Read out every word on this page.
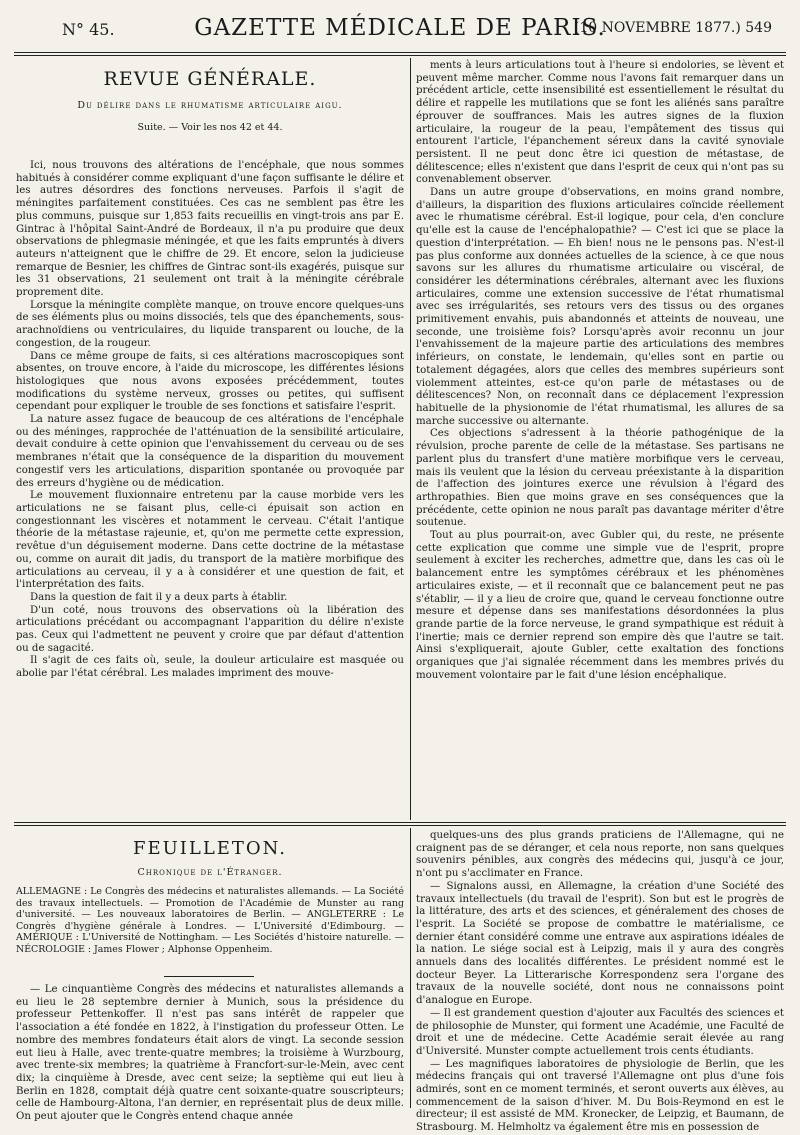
N° 45.	GAZETTE MÉDICALE DE PARIS.
(10 NOVEMBRE 1877.) 549
REVUE GÉNÉRALE.
Du délire dans le rhumatisme articulaire aigu.
Suite. — Voir les nos 42 et 44.

Ici, nous trouvons des altérations de l'encéphale, que nous sommes habitués à considérer comme expliquant d'une façon suffisante le délire et les autres désordres des fonctions nerveuses. Parfois il s'agit de méningites parfaitement constituées. Ces cas ne semblent pas être les plus communs, puisque sur 1,853 faits recueillis en vingt-trois ans par E. Gintrac à l'hôpital Saint-André de Bordeaux, il n'a pu produire que deux observations de phlegmasie méningée, et que les faits empruntés à divers auteurs n'atteignent que le chiffre de 29. Et encore, selon la judicieuse remarque de Besnier, les chiffres de Gintrac sont-ils exagérés, puisque sur les 31 observations, 21 seulement ont trait à la méningite cérébrale proprement dite.

Lorsque la méningite complète manque, on trouve encore quelques-uns de ses éléments plus ou moins dissociés, tels que des épanchements, sous-arachnoïdiens ou ventriculaires, du liquide transparent ou louche, de la congestion, de la rougeur.

Dans ce même groupe de faits, si ces altérations macroscopiques sont absentes, on trouve encore, à l'aide du microscope, les différentes lésions histologiques que nous avons exposées précédemment, toutes modifications du système nerveux, grosses ou petites, qui suffisent cependant pour expliquer le trouble de ses fonctions et satisfaire l'esprit.

La nature assez fugace de beaucoup de ces altérations de l'encéphale ou des méninges, rapprochée de l'atténuation de la sensibilité articulaire, devait conduire à cette opinion que l'envahissement du cerveau ou de ses membranes n'était que la conséquence de la disparition du mouvement congestif vers les articulations, disparition spontanée ou provoquée par des erreurs d'hygiène ou de médication.

Le mouvement fluxionnaire entretenu par la cause morbide vers les articulations ne se faisant plus, celle-ci épuisait son action en congestionnant les viscères et notamment le cerveau. C'était l'antique théorie de la métastase rajeunie, et, qu'on me permette cette expression, revêtue d'un déguisement moderne. Dans cette doctrine de la métastase ou, comme on aurait dit jadis, du transport de la matière morbifique des articulations au cerveau, il y a à considérer et une question de fait, et l'interprétation des faits.

Dans la question de fait il y a deux parts à établir.

D'un coté, nous trouvons des observations où la libération des articulations précédant ou accompagnant l'apparition du délire n'existe pas. Ceux qui l'admettent ne peuvent y croire que par défaut d'attention ou de sagacité.

Il s'agit de ces faits où, seule, la douleur articulaire est masquée ou abolie par l'état cérébral. Les malades impriment des mouve-

ments à leurs articulations tout à l'heure si endolories, se lèvent et peuvent même marcher. Comme nous l'avons fait remarquer dans un précédent article, cette insensibilité est essentiellement le résultat du délire et rappelle les mutilations que se font les aliénés sans paraître éprouver de souffrances. Mais les autres signes de la fluxion articulaire, la rougeur de la peau, l'empâtement des tissus qui entourent l'article, l'épanchement séreux dans la cavité synoviale persistent. Il ne peut donc être ici question de métastase, de délitescence; elles n'existent que dans l'esprit de ceux qui n'ont pas su convenablement observer.

Dans un autre groupe d'observations, en moins grand nombre, d'ailleurs, la disparition des fluxions articulaires coïncide réellement avec le rhumatisme cérébral. Est-il logique, pour cela, d'en conclure qu'elle est la cause de l'encéphalopathie? — C'est ici que se place la question d'interprétation. — Eh bien! nous ne le pensons pas. N'est-il pas plus conforme aux données actuelles de la science, à ce que nous savons sur les allures du rhumatisme articulaire ou viscéral, de considérer les déterminations cérébrales, alternant avec les fluxions articulaires, comme une extension successive de l'état rhumatismal avec ses irrégularités, ses retours vers des tissus ou des organes primitivement envahis, puis abandonnés et atteints de nouveau, une seconde, une troisième fois? Lorsqu'après avoir reconnu un jour l'envahissement de la majeure partie des articulations des membres inférieurs, on constate, le lendemain, qu'elles sont en partie ou totalement dégagées, alors que celles des membres supérieurs sont violemment atteintes, est-ce qu'on parle de métastases ou de délitescences? Non, on reconnaît dans ce déplacement l'expression habituelle de la physionomie de l'état rhumatismal, les allures de sa marche successive ou alternante.

Ces objections s'adressent à la théorie pathogénique de la révulsion, proche parente de celle de la métastase. Ses partisans ne parlent plus du transfert d'une matière morbifique vers le cerveau, mais ils veulent que la lésion du cerveau préexistante à la disparition de l'affection des jointures exerce une révulsion à l'égard des arthropathies. Bien que moins grave en ses conséquences que la précédente, cette opinion ne nous paraît pas davantage mériter d'être soutenue.

Tout au plus pourrait-on, avec Gubler qui, du reste, ne présente cette explication que comme une simple vue de l'esprit, propre seulement à exciter les recherches, admettre que, dans les cas où le balancement entre les symptômes cérébraux et les phénomènes articulaires existe, — et il reconnaît que ce balancement peut ne pas s'établir, — il y a lieu de croire que, quand le cerveau fonctionne outre mesure et dépense dans ses manifestations désordonnées la plus grande partie de la force nerveuse, le grand sympathique est réduit à l'inertie; mais ce dernier reprend son empire dès que l'autre se tait. Ainsi s'expliquerait, ajoute Gubler, cette exaltation des fonctions organiques que j'ai signalée récemment dans les membres privés du mouvement volontaire par le fait d'une lésion encéphalique.

FEUILLETON.
Chronique de l'Étranger.

ALLEMAGNE : Le Congrès des médecins et naturalistes allemands. — La Société des travaux intellectuels. — Promotion de l'Académie de Munster au rang d'université. — Les nouveaux laboratoires de Berlin. — ANGLETERRE : Le Congrès d'hygiène générale à Londres. — L'Université d'Edimbourg. — AMÉRIQUE : L'Université de Nottingham. — Les Sociétés d'histoire naturelle. — NÉCROLOGIE : James Flower ; Alphonse Oppenheim.

— Le cinquantième Congrès des médecins et naturalistes allemands a eu lieu le 28 septembre dernier à Munich, sous la présidence du professeur Pettenkoffer. Il n'est pas sans intérêt de rappeler que l'association a été fondée en 1822, à l'instigation du professeur Otten. Le nombre des membres fondateurs était alors de vingt. La seconde session eut lieu à Halle, avec trente-quatre membres; la troisième à Wurzbourg, avec trente-six membres; la quatrième à Francfort-sur-le-Mein, avec cent dix; la cinquième à Dresde, avec cent seize; la septième qui eut lieu à Berlin en 1828, comptait déjà quatre cent soixante-quatre souscripteurs; celle de Hambourg-Altona, l'an dernier, en représentait plus de deux mille. On peut ajouter que le Congrès entend chaque année

quelques-uns des plus grands praticiens de l'Allemagne, qui ne craignent pas de se déranger, et cela nous reporte, non sans quelques souvenirs pénibles, aux congrès des médecins qui, jusqu'à ce jour, n'ont pu s'acclimater en France.

— Signalons aussi, en Allemagne, la création d'une Société des travaux intellectuels (du travail de l'esprit). Son but est le progrès de la littérature, des arts et des sciences, et généralement des choses de l'esprit. La Société se propose de combattre le matérialisme, ce dernier étant considéré comme une entrave aux aspirations idéales de la nation. Le siége social est à Leipzig, mais il y aura des congrès annuels dans des localités différentes. Le président nommé est le docteur Beyer. La Litterarische Korrespondenz sera l'organe des travaux de la nouvelle société, dont nous ne connaissons point d'analogue en Europe.

— Il est grandement question d'ajouter aux Facultés des sciences et de philosophie de Munster, qui forment une Académie, une Faculté de droit et une de médecine. Cette Académie serait élevée au rang d'Université. Munster compte actuellement trois cents étudiants.

— Les magnifiques laboratoires de physiologie de Berlin, que les médecins français qui ont traversé l'Allemagne ont plus d'une fois admirés, sont en ce moment terminés, et seront ouverts aux élèves, au commencement de la saison d'hiver. M. Du Bois-Reymond en est le directeur; il est assisté de MM. Kronecker, de Leipzig, et Baumann, de Strasbourg. M. Helmholtz va également être mis en possession de
